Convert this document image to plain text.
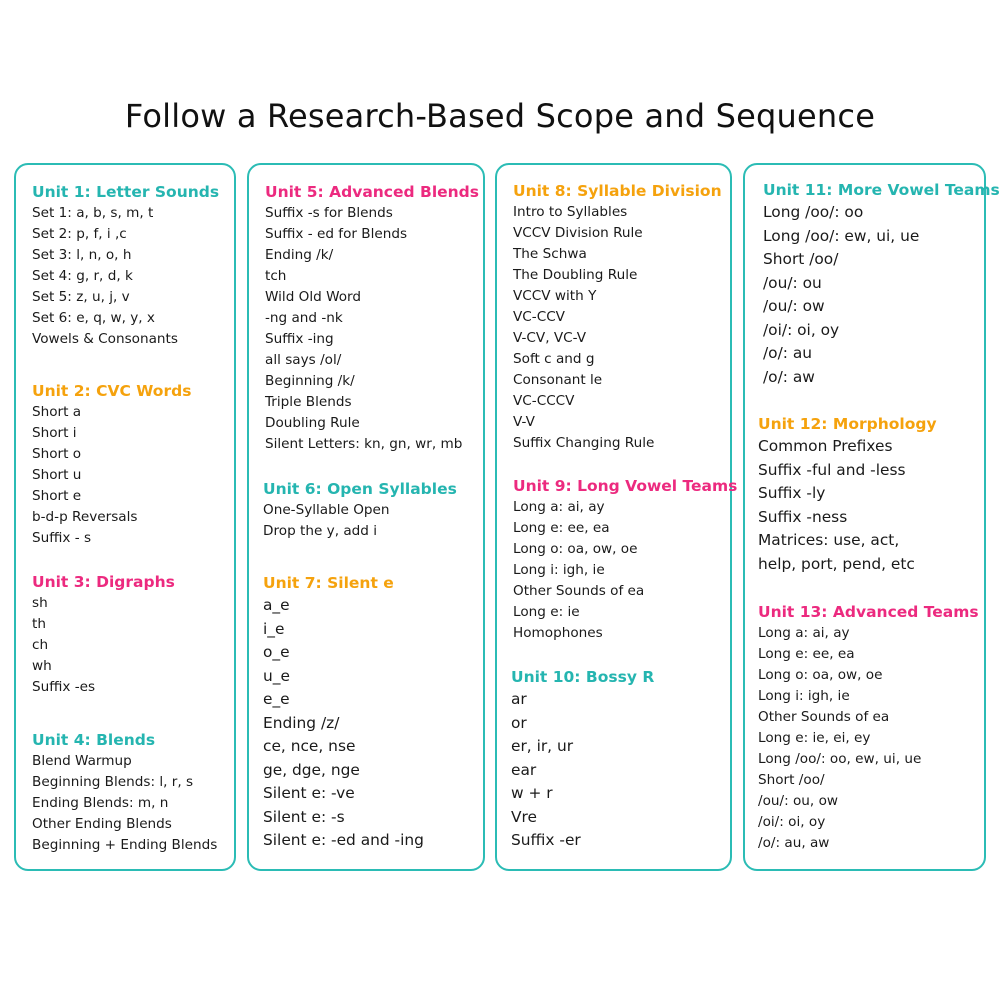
Follow a Research-Based Scope and Sequence
Unit 1: Letter Sounds
Set 1: a, b, s, m, t
Set 2: p, f, i ,c
Set 3: l, n, o, h
Set 4: g, r, d, k
Set 5: z, u, j, v
Set 6: e, q, w, y, x
Vowels & Consonants
Unit 2: CVC Words
Short a
Short i
Short o
Short u
Short e
b-d-p Reversals
Suffix - s
Unit 3: Digraphs
sh
th
ch
wh
Suffix -es
Unit 4: Blends
Blend Warmup
Beginning Blends: l, r, s
Ending Blends: m, n
Other Ending Blends
Beginning + Ending Blends
Unit 5: Advanced Blends
Suffix -s for Blends
Suffix - ed for Blends
Ending /k/
tch
Wild Old Word
-ng and -nk
Suffix -ing
all says /ol/
Beginning /k/
Triple Blends
Doubling Rule
Silent Letters: kn, gn, wr, mb
Unit 6: Open Syllables
One-Syllable Open
Drop the y, add i
Unit 7: Silent e
a_e
i_e
o_e
u_e
e_e
Ending /z/
ce, nce, nse
ge, dge, nge
Silent e: -ve
Silent e: -s
Silent e: -ed and -ing
Unit 8: Syllable Division
Intro to Syllables
VCCV Division Rule
The Schwa
The Doubling Rule
VCCV with Y
VC-CCV
V-CV, VC-V
Soft c and g
Consonant le
VC-CCCV
V-V
Suffix Changing Rule
Unit 9: Long Vowel Teams
Long a: ai, ay
Long e: ee, ea
Long o: oa, ow, oe
Long i: igh, ie
Other Sounds of ea
Long e: ie
Homophones
Unit 10: Bossy R
ar
or
er, ir, ur
ear
w + r
Vre
Suffix -er
Unit 11: More Vowel Teams
Long /oo/: oo
Long /oo/: ew, ui, ue
Short /oo/
/ou/: ou
/ou/: ow
/oi/: oi, oy
/o/: au
/o/: aw
Unit 12: Morphology
Common Prefixes
Suffix -ful and -less
Suffix -ly
Suffix -ness
Matrices: use, act,
help, port, pend, etc
Unit 13: Advanced Teams
Long a: ai, ay
Long e: ee, ea
Long o: oa, ow, oe
Long i: igh, ie
Other Sounds of ea
Long e: ie, ei, ey
Long /oo/: oo, ew, ui, ue
Short /oo/
/ou/: ou, ow
/oi/: oi, oy
/o/: au, aw
